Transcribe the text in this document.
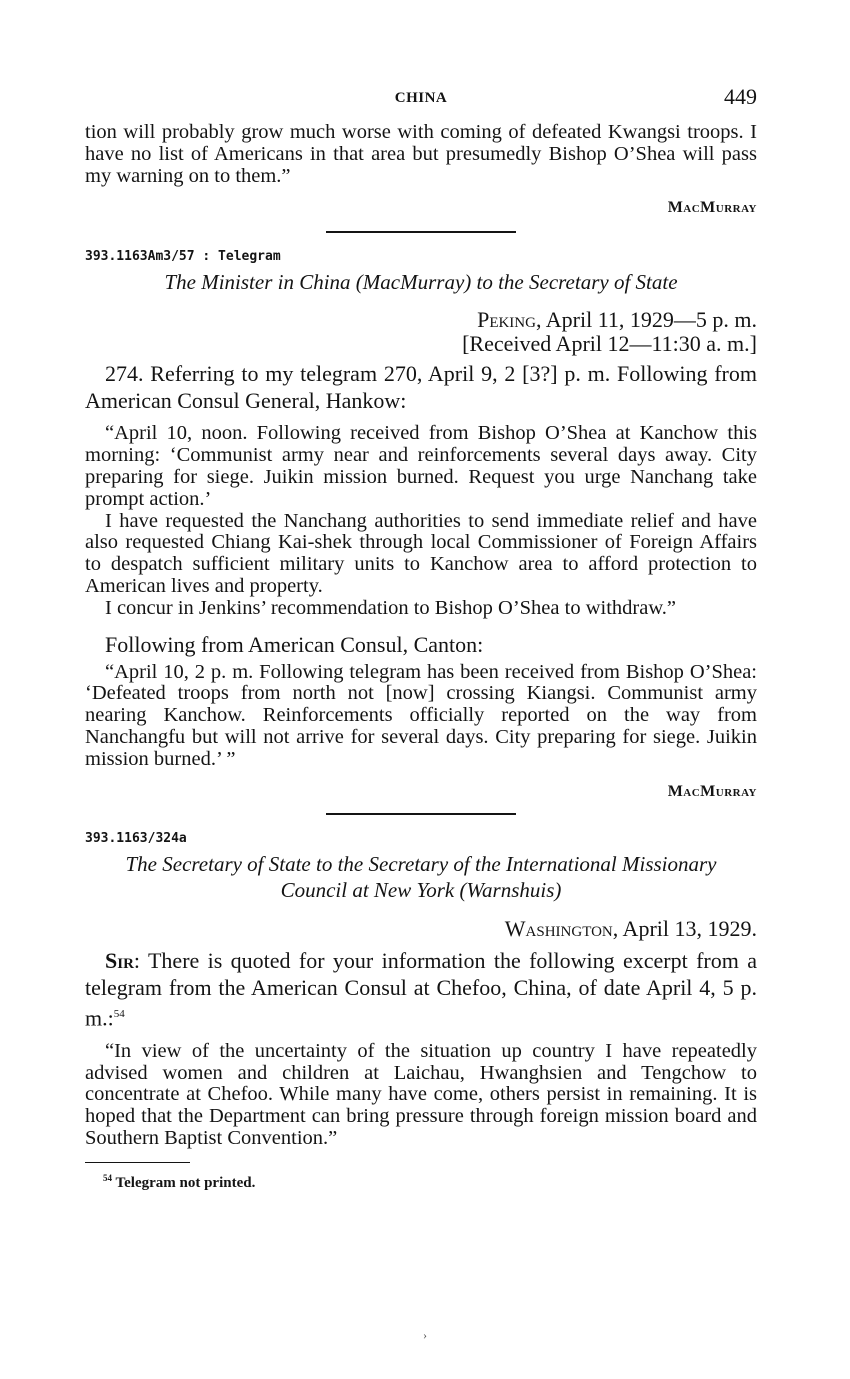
CHINA	449

tion will probably grow much worse with coming of defeated Kwangsi troops. I have no list of Americans in that area but presumedly Bishop O’Shea will pass my warning on to them.”

MacMurray
393.1163Am3/57 : Telegram
The Minister in China (MacMurray) to the Secretary of State
Peking, April 11, 1929—5 p. m.
[Received April 12—11:30 a. m.]

274. Referring to my telegram 270, April 9, 2 [3?] p. m. Following from American Consul General, Hankow:

“April 10, noon. Following received from Bishop O’Shea at Kanchow this morning: ‘Communist army near and reinforcements several days away. City preparing for siege. Juikin mission burned. Request you urge Nanchang take prompt action.’

I have requested the Nanchang authorities to send immediate relief and have also requested Chiang Kai-shek through local Commissioner of Foreign Affairs to despatch sufficient military units to Kanchow area to afford protection to American lives and property.

I concur in Jenkins’ recommendation to Bishop O’Shea to withdraw.”

Following from American Consul, Canton:

“April 10, 2 p. m. Following telegram has been received from Bishop O’Shea: ‘Defeated troops from north not [now] crossing Kiangsi. Communist army nearing Kanchow. Reinforcements officially reported on the way from Nanchangfu but will not arrive for several days. City preparing for siege. Juikin mission burned.’ ”

MacMurray
393.1163/324a
The Secretary of State to the Secretary of the International Missionary
Council at New York (Warnshuis)
Washington, April 13, 1929.

Sir: There is quoted for your information the following excerpt from a telegram from the American Consul at Chefoo, China, of date April 4, 5 p. m.:$^{54}$

“In view of the uncertainty of the situation up country I have repeatedly advised women and children at Laichau, Hwanghsien and Tengchow to concentrate at Chefoo. While many have come, others persist in remaining. It is hoped that the Department can bring pressure through foreign mission board and Southern Baptist Convention.”

$^{54}$ Telegram not printed.
›
